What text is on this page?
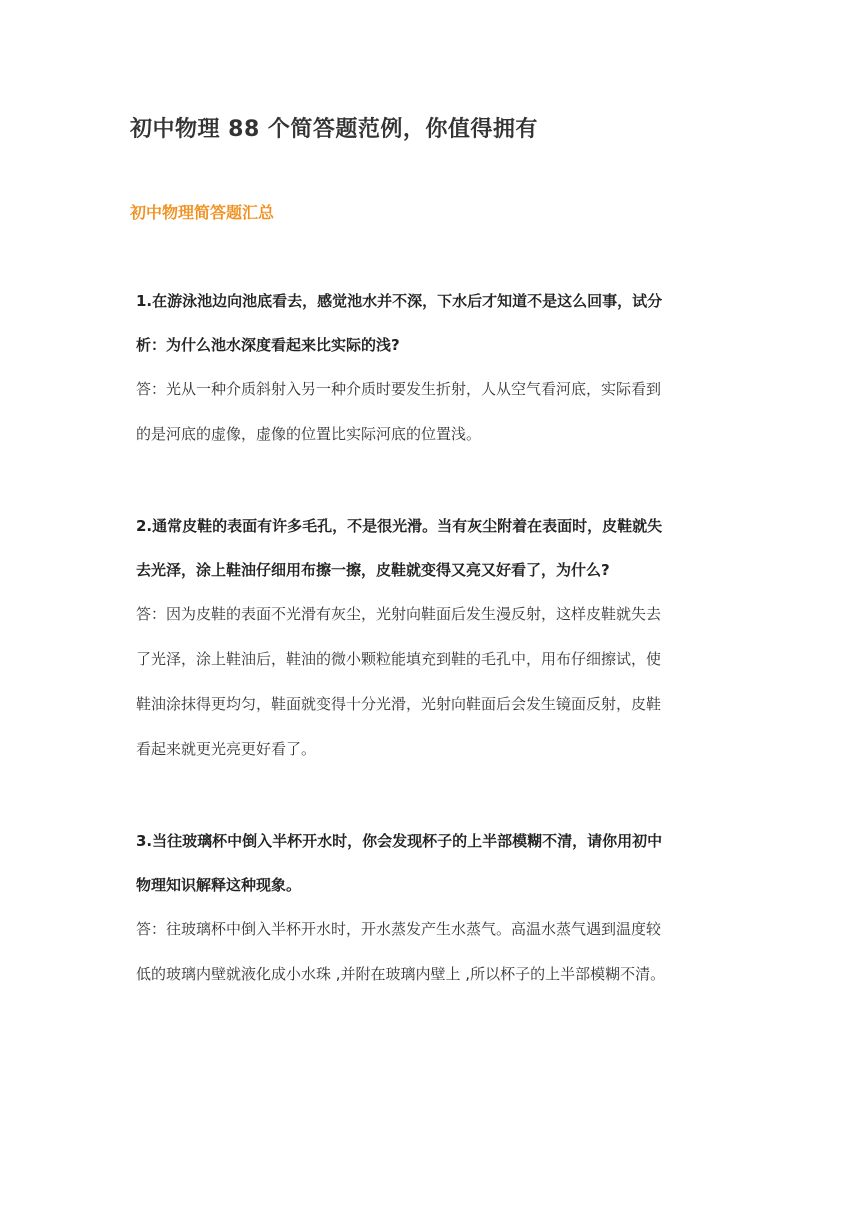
初中物理 88 个简答题范例，你值得拥有
初中物理简答题汇总
1.在游泳池边向池底看去，感觉池水并不深，下水后才知道不是这么回事，试分
析：为什么池水深度看起来比实际的浅?
答：光从一种介质斜射入另一种介质时要发生折射，人从空气看河底，实际看到
的是河底的虚像，虚像的位置比实际河底的位置浅。
2.通常皮鞋的表面有许多毛孔，不是很光滑。当有灰尘附着在表面时，皮鞋就失
去光泽，涂上鞋油仔细用布擦一擦，皮鞋就变得又亮又好看了，为什么?
答：因为皮鞋的表面不光滑有灰尘，光射向鞋面后发生漫反射，这样皮鞋就失去
了光泽，涂上鞋油后，鞋油的微小颗粒能填充到鞋的毛孔中，用布仔细擦试，使
鞋油涂抹得更均匀，鞋面就变得十分光滑，光射向鞋面后会发生镜面反射，皮鞋
看起来就更光亮更好看了。
3.当往玻璃杯中倒入半杯开水时，你会发现杯子的上半部模糊不清，请你用初中
物理知识解释这种现象。
答：往玻璃杯中倒入半杯开水时，开水蒸发产生水蒸气。高温水蒸气遇到温度较
低的玻璃内壁就液化成小水珠 ,并附在玻璃内壁上 ,所以杯子的上半部模糊不清。
